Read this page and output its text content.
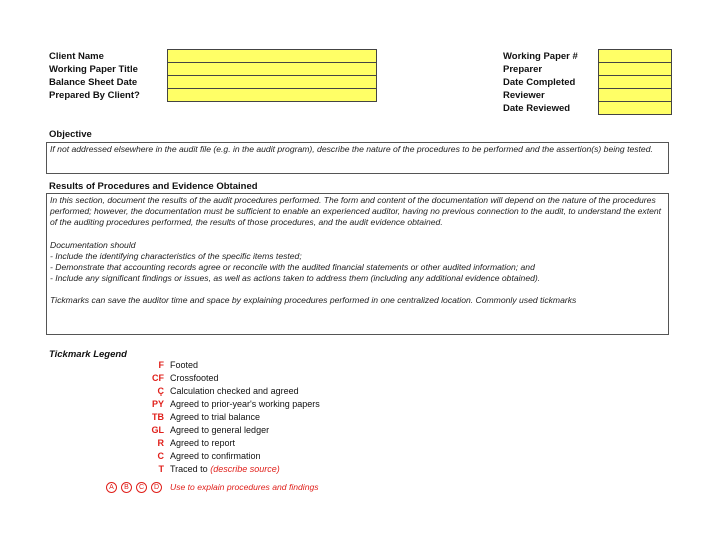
Client Name
Working Paper Title
Balance Sheet Date
Prepared By Client?
Working Paper #
Preparer
Date Completed
Reviewer
Date Reviewed
Objective
If not addressed elsewhere in the audit file (e.g. in the audit program), describe the nature of the procedures to be performed and the assertion(s) being tested.
Results of Procedures and Evidence Obtained
In this section, document the results of the audit procedures performed. The form and content of the documentation will depend on the nature of the procedures performed; however, the documentation must be sufficient to enable an experienced auditor, having no previous connection to the audit, to understand the extent of the auditing procedures performed, the results of those procedures, and the audit evidence obtained.
Documentation should
- Include the identifying characteristics of the specific items tested;
- Demonstrate that accounting records agree or reconcile with the audited financial statements or other audited information; and
- Include any significant findings or issues, as well as actions taken to address them (including any additional evidence obtained).
Tickmarks can save the auditor time and space by explaining procedures performed in one centralized location. Commonly used tickmarks
Tickmark Legend
F Footed
CF Crossfooted
Ç Calculation checked and agreed
PY Agreed to prior-year's working papers
TB Agreed to trial balance
GL Agreed to general ledger
R Agreed to report
C Agreed to confirmation
T Traced to (describe source)
A	B	C	D	Use to explain procedures and findings
